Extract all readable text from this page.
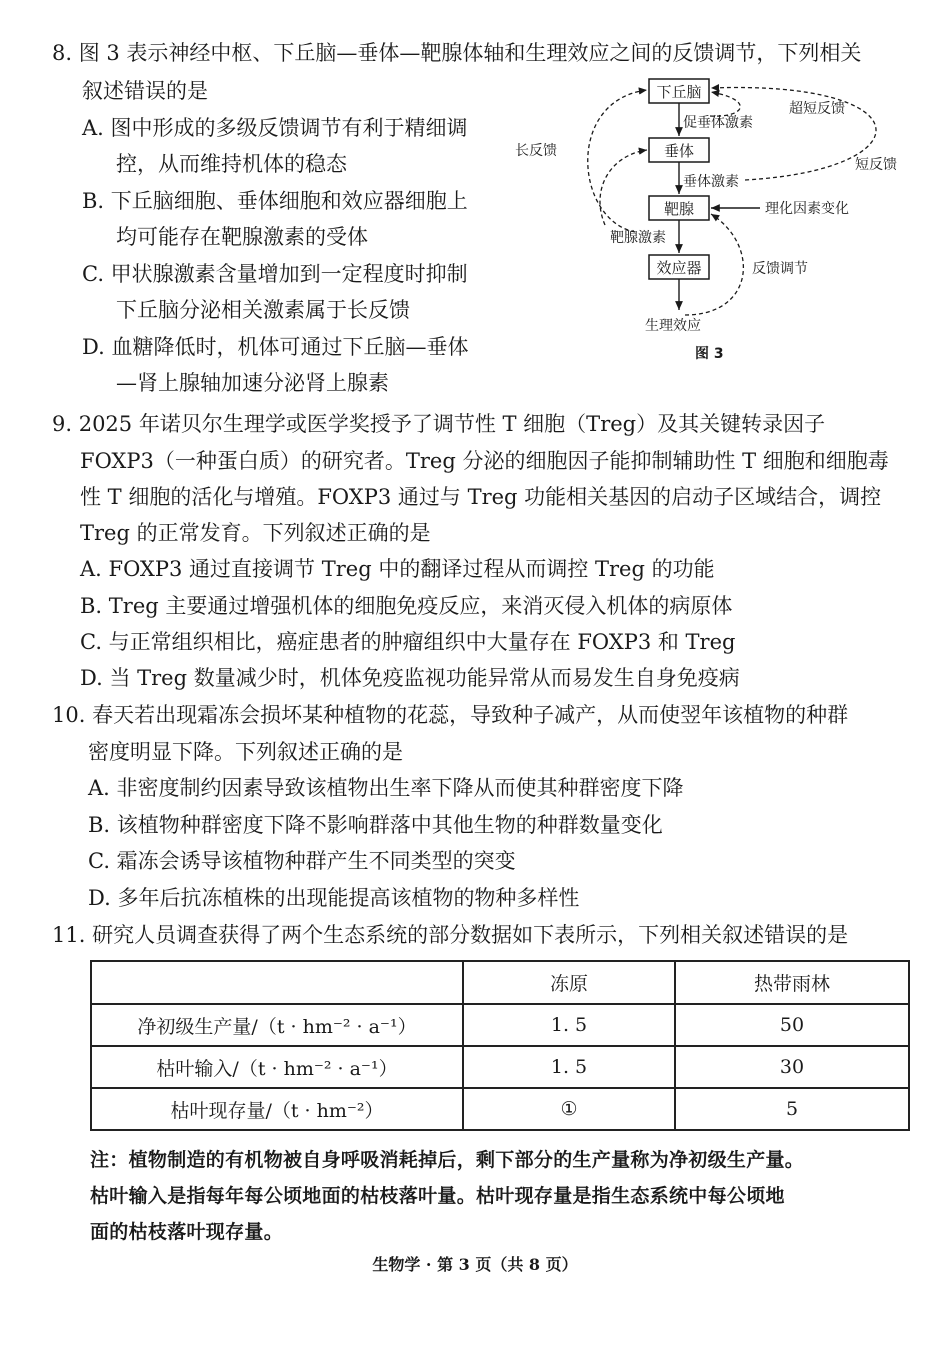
8. 图 3 表示神经中枢、下丘脑—垂体—靶腺体轴和生理效应之间的反馈调节，下列相关
叙述错误的是
A. 图中形成的多级反馈调节有利于精细调
控，从而维持机体的稳态
B. 下丘脑细胞、垂体细胞和效应器细胞上
均可能存在靶腺激素的受体
C. 甲状腺激素含量增加到一定程度时抑制
下丘脑分泌相关激素属于长反馈
D. 血糖降低时，机体可通过下丘脑—垂体
—肾上腺轴加速分泌肾上腺素
下丘脑
垂体
靶腺
效应器
超短反馈
促垂体激素
长反馈
短反馈
垂体激素
理化因素变化
靶腺激素
反馈调节
生理效应
图 3
9. 2025 年诺贝尔生理学或医学奖授予了调节性 T 细胞（Treg）及其关键转录因子
FOXP3（一种蛋白质）的研究者。Treg 分泌的细胞因子能抑制辅助性 T 细胞和细胞毒
性 T 细胞的活化与增殖。FOXP3 通过与 Treg 功能相关基因的启动子区域结合，调控
Treg 的正常发育。下列叙述正确的是
A. FOXP3 通过直接调节 Treg 中的翻译过程从而调控 Treg 的功能
B. Treg 主要通过增强机体的细胞免疫反应，来消灭侵入机体的病原体
C. 与正常组织相比，癌症患者的肿瘤组织中大量存在 FOXP3 和 Treg
D. 当 Treg 数量减少时，机体免疫监视功能异常从而易发生自身免疫病
10. 春天若出现霜冻会损坏某种植物的花蕊，导致种子减产，从而使翌年该植物的种群
密度明显下降。下列叙述正确的是
A. 非密度制约因素导致该植物出生率下降从而使其种群密度下降
B. 该植物种群密度下降不影响群落中其他生物的种群数量变化
C. 霜冻会诱导该植物种群产生不同类型的突变
D. 多年后抗冻植株的出现能提高该植物的物种多样性
11. 研究人员调查获得了两个生态系统的部分数据如下表所示，下列相关叙述错误的是
	冻原	热带雨林
净初级生产量/（t · hm⁻² · a⁻¹）	1. 5	50
枯叶输入/（t · hm⁻² · a⁻¹）	1. 5	30
枯叶现存量/（t · hm⁻²）	①	5
注：植物制造的有机物被自身呼吸消耗掉后，剩下部分的生产量称为净初级生产量。
枯叶输入是指每年每公顷地面的枯枝落叶量。枯叶现存量是指生态系统中每公顷地
面的枯枝落叶现存量。
生物学 · 第 3 页（共 8 页）
